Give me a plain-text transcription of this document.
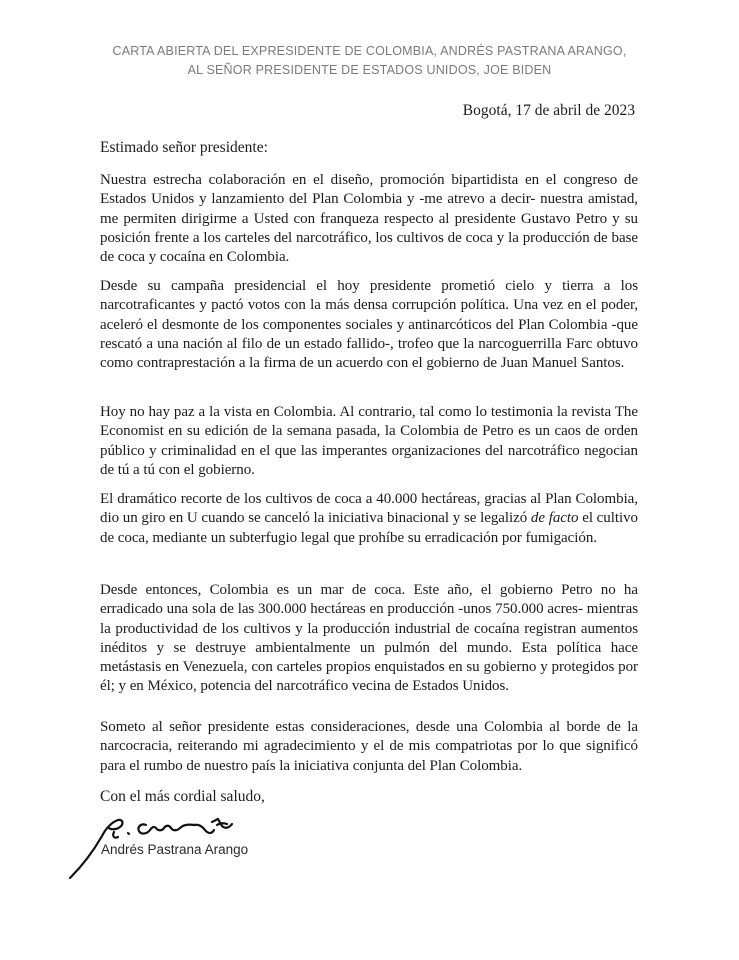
CARTA ABIERTA DEL EXPRESIDENTE DE COLOMBIA, ANDRÉS PASTRANA ARANGO,
AL SEÑOR PRESIDENTE DE ESTADOS UNIDOS, JOE BIDEN
Bogotá, 17 de abril de 2023
Estimado señor presidente:

Nuestra estrecha colaboración en el diseño, promoción bipartidista en el congreso de Estados Unidos y lanzamiento del Plan Colombia y -me atrevo a decir- nuestra amistad, me permiten dirigirme a Usted con franqueza respecto al presidente Gustavo Petro y su posición frente a los carteles del narcotráfico, los cultivos de coca y la producción de base de coca y cocaína en Colombia.

Desde su campaña presidencial el hoy presidente prometió cielo y tierra a los narcotraficantes y pactó votos con la más densa corrupción política. Una vez en el poder, aceleró el desmonte de los componentes sociales y antinarcóticos del Plan Colombia -que rescató a una nación al filo de un estado fallido-, trofeo que la narcoguerrilla Farc obtuvo como contraprestación a la firma de un acuerdo con el gobierno de Juan Manuel Santos.

Hoy no hay paz a la vista en Colombia. Al contrario, tal como lo testimonia la revista The Economist en su edición de la semana pasada, la Colombia de Petro es un caos de orden público y criminalidad en el que las imperantes organizaciones del narcotráfico negocian de tú a tú con el gobierno.

El dramático recorte de los cultivos de coca a 40.000 hectáreas, gracias al Plan Colombia, dio un giro en U cuando se canceló la iniciativa binacional y se legalizó de facto el cultivo de coca, mediante un subterfugio legal que prohíbe su erradicación por fumigación.

Desde entonces, Colombia es un mar de coca. Este año, el gobierno Petro no ha erradicado una sola de las 300.000 hectáreas en producción -unos 750.000 acres- mientras la productividad de los cultivos y la producción industrial de cocaína registran aumentos inéditos y se destruye ambientalmente un pulmón del mundo. Esta política hace metástasis en Venezuela, con carteles propios enquistados en su gobierno y protegidos por él; y en México, potencia del narcotráfico vecina de Estados Unidos.

Someto al señor presidente estas consideraciones, desde una Colombia al borde de la narcocracia, reiterando mi agradecimiento y el de mis compatriotas por lo que significó para el rumbo de nuestro país la iniciativa conjunta del Plan Colombia.

Con el más cordial saludo,
Andrés Pastrana Arango
